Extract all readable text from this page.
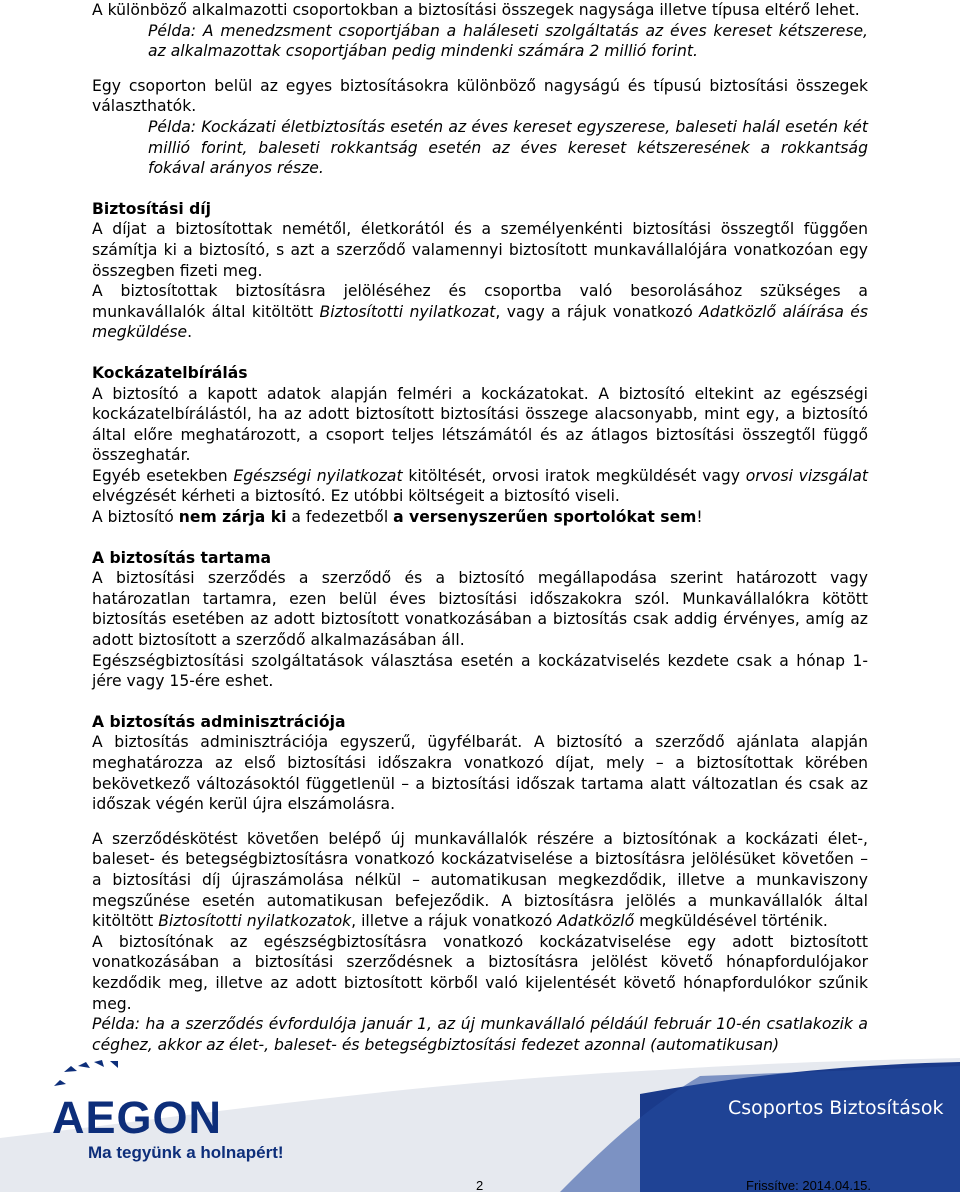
A különböző alkalmazotti csoportokban a biztosítási összegek nagysága illetve típusa eltérő lehet.

Példa: A menedzsment csoportjában a haláleseti szolgáltatás az éves kereset kétszerese, az alkalmazottak csoportjában pedig mindenki számára 2 millió forint.

Egy csoporton belül az egyes biztosításokra különböző nagyságú és típusú biztosítási összegek választhatók.

Példa: Kockázati életbiztosítás esetén az éves kereset egyszerese, baleseti halál esetén két millió forint, baleseti rokkantság esetén az éves kereset kétszeresének a rokkantság fokával arányos része.

Biztosítási díj

A díjat a biztosítottak nemétől, életkorától és a személyenkénti biztosítási összegtől függően számítja ki a biztosító, s azt a szerződő valamennyi biztosított munkavállalójára vonatkozóan egy összegben fizeti meg.

A biztosítottak biztosításra jelöléséhez és csoportba való besorolásához szükséges a munkavállalók által kitöltött Biztosítotti nyilatkozat, vagy a rájuk vonatkozó Adatközlő aláírása és megküldése.

Kockázatelbírálás

A biztosító a kapott adatok alapján felméri a kockázatokat. A biztosító eltekint az egészségi kockázatelbírálástól, ha az adott biztosított biztosítási összege alacsonyabb, mint egy, a biztosító által előre meghatározott, a csoport teljes létszámától és az átlagos biztosítási összegtől függő összeghatár.

Egyéb esetekben Egészségi nyilatkozat kitöltését, orvosi iratok megküldését vagy orvosi vizsgálat elvégzését kérheti a biztosító. Ez utóbbi költségeit a biztosító viseli.

A biztosító nem zárja ki a fedezetből a versenyszerűen sportolókat sem!

A biztosítás tartama

A biztosítási szerződés a szerződő és a biztosító megállapodása szerint határozott vagy határozatlan tartamra, ezen belül éves biztosítási időszakokra szól. Munkavállalókra kötött biztosítás esetében az adott biztosított vonatkozásában a biztosítás csak addig érvényes, amíg az adott biztosított a szerződő alkalmazásában áll.

Egészségbiztosítási szolgáltatások választása esetén a kockázatviselés kezdete csak a hónap 1-jére vagy 15-ére eshet.

A biztosítás adminisztrációja

A biztosítás adminisztrációja egyszerű, ügyfélbarát. A biztosító a szerződő ajánlata alapján meghatározza az első biztosítási időszakra vonatkozó díjat, mely – a biztosítottak körében bekövetkező változásoktól függetlenül – a biztosítási időszak tartama alatt változatlan és csak az időszak végén kerül újra elszámolásra.

A szerződéskötést követően belépő új munkavállalók részére a biztosítónak a kockázati élet-, baleset- és betegségbiztosításra vonatkozó kockázatviselése a biztosításra jelölésüket követően – a biztosítási díj újraszámolása nélkül – automatikusan megkezdődik, illetve a munkaviszony megszűnése esetén automatikusan befejeződik. A biztosításra jelölés a munkavállalók által kitöltött Biztosítotti nyilatkozatok, illetve a rájuk vonatkozó Adatközlő megküldésével történik.

A biztosítónak az egészségbiztosításra vonatkozó kockázatviselése egy adott biztosított vonatkozásában a biztosítási szerződésnek a biztosításra jelölést követő hónapfordulójakor kezdődik meg, illetve az adott biztosított körből való kijelentését követő hónapfordulókor szűnik meg.

Példa: ha a szerződés évfordulója január 1, az új munkavállaló példáúl február 10-én csatlakozik a céghez, akkor az élet-, baleset- és betegségbiztosítási fedezet azonnal (automatikusan)

AEGON
Ma tegyünk a holnapért!
Csoportos Biztosítások
2	Frissítve: 2014.04.15.
